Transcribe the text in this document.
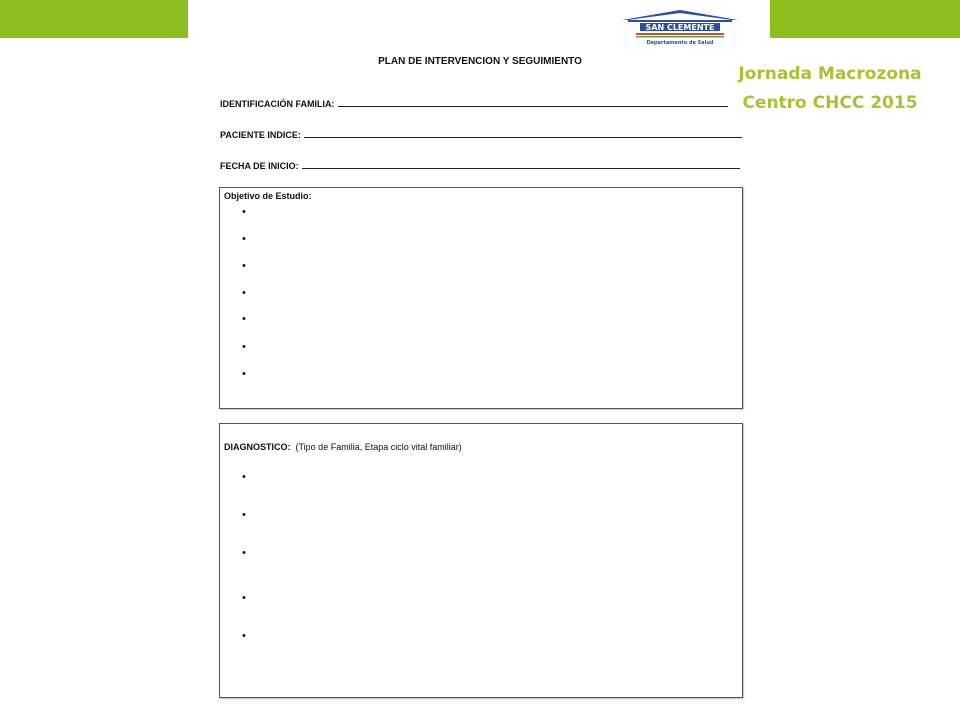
SAN CLEMENTE
Departamento de Salud
Jornada Macrozona
Centro CHCC 2015
PLAN DE INTERVENCION Y SEGUIMIENTO
IDENTIFICACIÓN FAMILIA:
PACIENTE INDICE:
FECHA DE INICIO:
Objetivo de Estudio:
•
•
•
•
•
•
•
DIAGNOSTICO: (Tipo de Familia, Etapa ciclo vital familiar)
•
•
•
•
•
